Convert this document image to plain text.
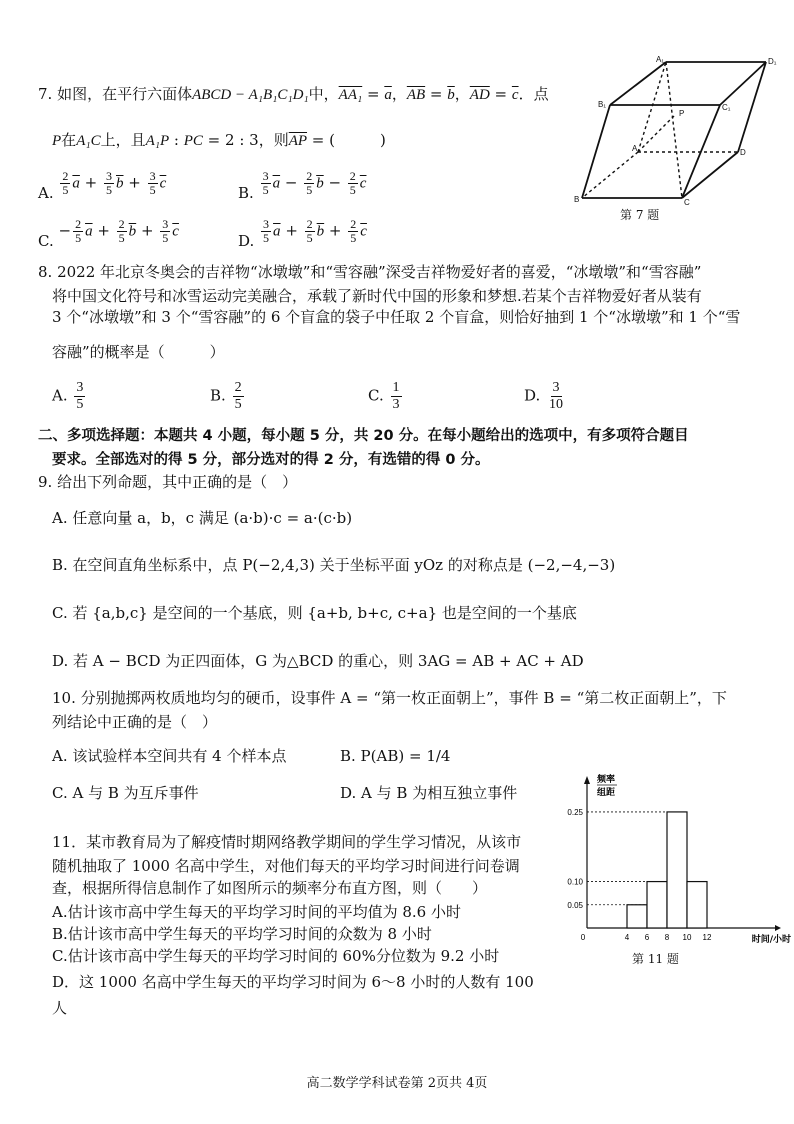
7. 如图，在平行六面体ABCD − A₁B₁C₁D₁中，$AA_1 = \overline{a}$，$\overline{AB} = \overline{b}$，$\overline{AD} = \overline{c}$．点
P在A₁C上，且A₁P : PC = 2 : 3，则$\overline{AP}$ = (　　　)
A. $\frac{2}{5} \overline{a} + \frac{3}{5} \overline{b} + \frac{3}{5} \overline{c}$	B. $\frac{3}{5} \overline{a} - \frac{2}{5} \overline{b} - \frac{2}{5} \overline{c}$
C. − $\frac{2}{5} \overline{a} + \frac{2}{5} \overline{b} + \frac{3}{5} \overline{c}$	D. $\frac{3}{5} \overline{a} + \frac{2}{5} \overline{b} + \frac{2}{5} \overline{c}$
A₁	D₁
B₁	C₁
P
A	D
B	C
第 7 题
8. 2022 年北京冬奥会的吉祥物“冰墩墩”和“雪容融”深受吉祥物爱好者的喜爱，“冰墩墩”和“雪容融”
将中国文化符号和冰雪运动完美融合，承载了新时代中国的形象和梦想.若某个吉祥物爱好者从装有
3 个“冰墩墩”和 3 个“雪容融”的 6 个盲盒的袋子中任取 2 个盲盒，则恰好抽到 1 个“冰墩墩”和 1 个“雪
容融”的概率是（　　　）
A. $\frac{3}{5}$	B. $\frac{2}{5}$	C. $\frac{1}{3}$	D. $\frac{3}{10}$
二、多项选择题：本题共 4 小题，每小题 5 分，共 20 分。在每小题给出的选项中，有多项符合题目
要求。全部选对的得 5 分，部分选对的得 2 分，有选错的得 0 分。
9. 给出下列命题，其中正确的是（　）
A. 任意向量 a，b，c 满足 (a·b)·c = a·(c·b)
B. 在空间直角坐标系中，点 P(−2,4,3) 关于坐标平面 yOz 的对称点是 (−2,−4,−3)
C. 若 {a,b,c} 是空间的一个基底，则 {a+b, b+c, c+a} 也是空间的一个基底
D. 若 A − BCD 为正四面体，G 为△BCD 的重心，则 3AG = AB + AC + AD
10. 分别抛掷两枚质地均匀的硬币，设事件 A = “第一枚正面朝上”，事件 B = “第二枚正面朝上”，下
列结论中正确的是（　）
A. 该试验样本空间共有 4 个样本点	B. P(AB) = 1/4
C. A 与 B 为互斥事件	D. A 与 B 为相互独立事件
11．某市教育局为了解疫情时期网络教学期间的学生学习情况，从该市
随机抽取了 1000 名高中学生，对他们每天的平均学习时间进行问卷调
查，根据所得信息制作了如图所示的频率分布直方图，则（　　）
A.估计该市高中学生每天的平均学习时间的平均值为 8.6 小时
B.估计该市高中学生每天的平均学习时间的众数为 8 小时
C.估计该市高中学生每天的平均学习时间的 60%分位数为 9.2 小时
D．这 1000 名高中学生每天的平均学习时间为 6～8 小时的人数有 100
人
频率
组距
0.05
0.10
0.25
0	4 6 8 10 12	时间/小时
第 11 题
高二数学学科试卷第 2页共 4页
